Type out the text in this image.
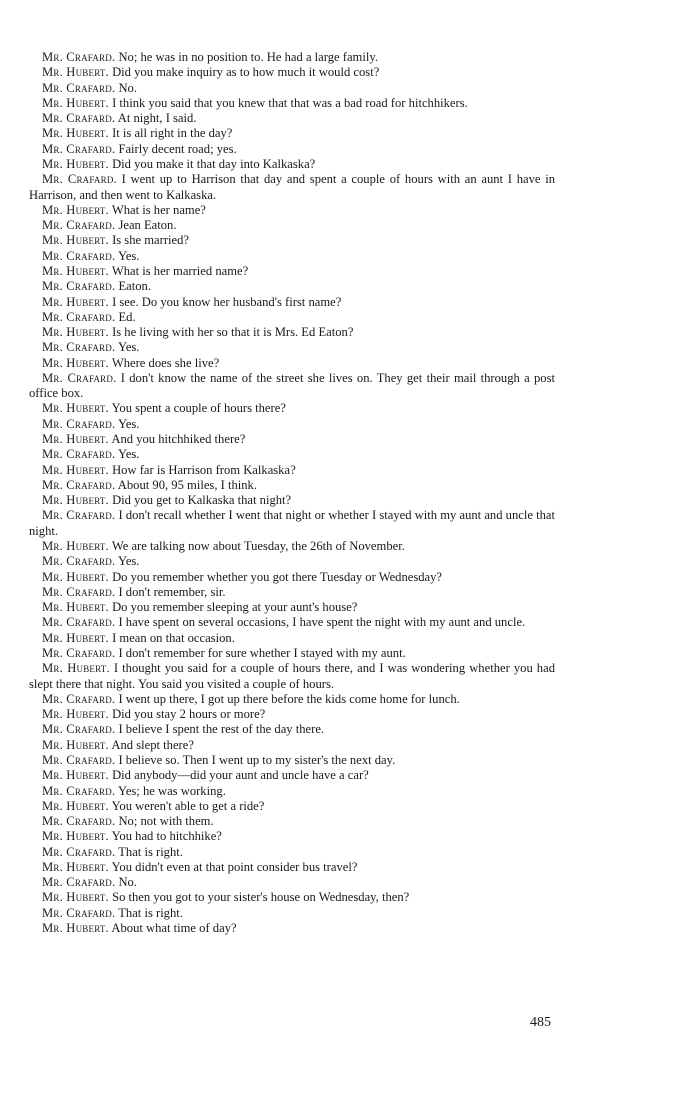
Mr. Crafard. No; he was in no position to. He had a large family.

Mr. Hubert. Did you make inquiry as to how much it would cost?

Mr. Crafard. No.

Mr. Hubert. I think you said that you knew that that was a bad road for hitchhikers.

Mr. Crafard. At night, I said.

Mr. Hubert. It is all right in the day?

Mr. Crafard. Fairly decent road; yes.

Mr. Hubert. Did you make it that day into Kalkaska?

Mr. Crafard. I went up to Harrison that day and spent a couple of hours with an aunt I have in Harrison, and then went to Kalkaska.

Mr. Hubert. What is her name?

Mr. Crafard. Jean Eaton.

Mr. Hubert. Is she married?

Mr. Crafard. Yes.

Mr. Hubert. What is her married name?

Mr. Crafard. Eaton.

Mr. Hubert. I see. Do you know her husband's first name?

Mr. Crafard. Ed.

Mr. Hubert. Is he living with her so that it is Mrs. Ed Eaton?

Mr. Crafard. Yes.

Mr. Hubert. Where does she live?

Mr. Crafard. I don't know the name of the street she lives on. They get their mail through a post office box.

Mr. Hubert. You spent a couple of hours there?

Mr. Crafard. Yes.

Mr. Hubert. And you hitchhiked there?

Mr. Crafard. Yes.

Mr. Hubert. How far is Harrison from Kalkaska?

Mr. Crafard. About 90, 95 miles, I think.

Mr. Hubert. Did you get to Kalkaska that night?

Mr. Crafard. I don't recall whether I went that night or whether I stayed with my aunt and uncle that night.

Mr. Hubert. We are talking now about Tuesday, the 26th of November.

Mr. Crafard. Yes.

Mr. Hubert. Do you remember whether you got there Tuesday or Wednesday?

Mr. Crafard. I don't remember, sir.

Mr. Hubert. Do you remember sleeping at your aunt's house?

Mr. Crafard. I have spent on several occasions, I have spent the night with my aunt and uncle.

Mr. Hubert. I mean on that occasion.

Mr. Crafard. I don't remember for sure whether I stayed with my aunt.

Mr. Hubert. I thought you said for a couple of hours there, and I was wondering whether you had slept there that night. You said you visited a couple of hours.

Mr. Crafard. I went up there, I got up there before the kids come home for lunch.

Mr. Hubert. Did you stay 2 hours or more?

Mr. Crafard. I believe I spent the rest of the day there.

Mr. Hubert. And slept there?

Mr. Crafard. I believe so. Then I went up to my sister's the next day.

Mr. Hubert. Did anybody—did your aunt and uncle have a car?

Mr. Crafard. Yes; he was working.

Mr. Hubert. You weren't able to get a ride?

Mr. Crafard. No; not with them.

Mr. Hubert. You had to hitchhike?

Mr. Crafard. That is right.

Mr. Hubert. You didn't even at that point consider bus travel?

Mr. Crafard. No.

Mr. Hubert. So then you got to your sister's house on Wednesday, then?

Mr. Crafard. That is right.

Mr. Hubert. About what time of day?

485
